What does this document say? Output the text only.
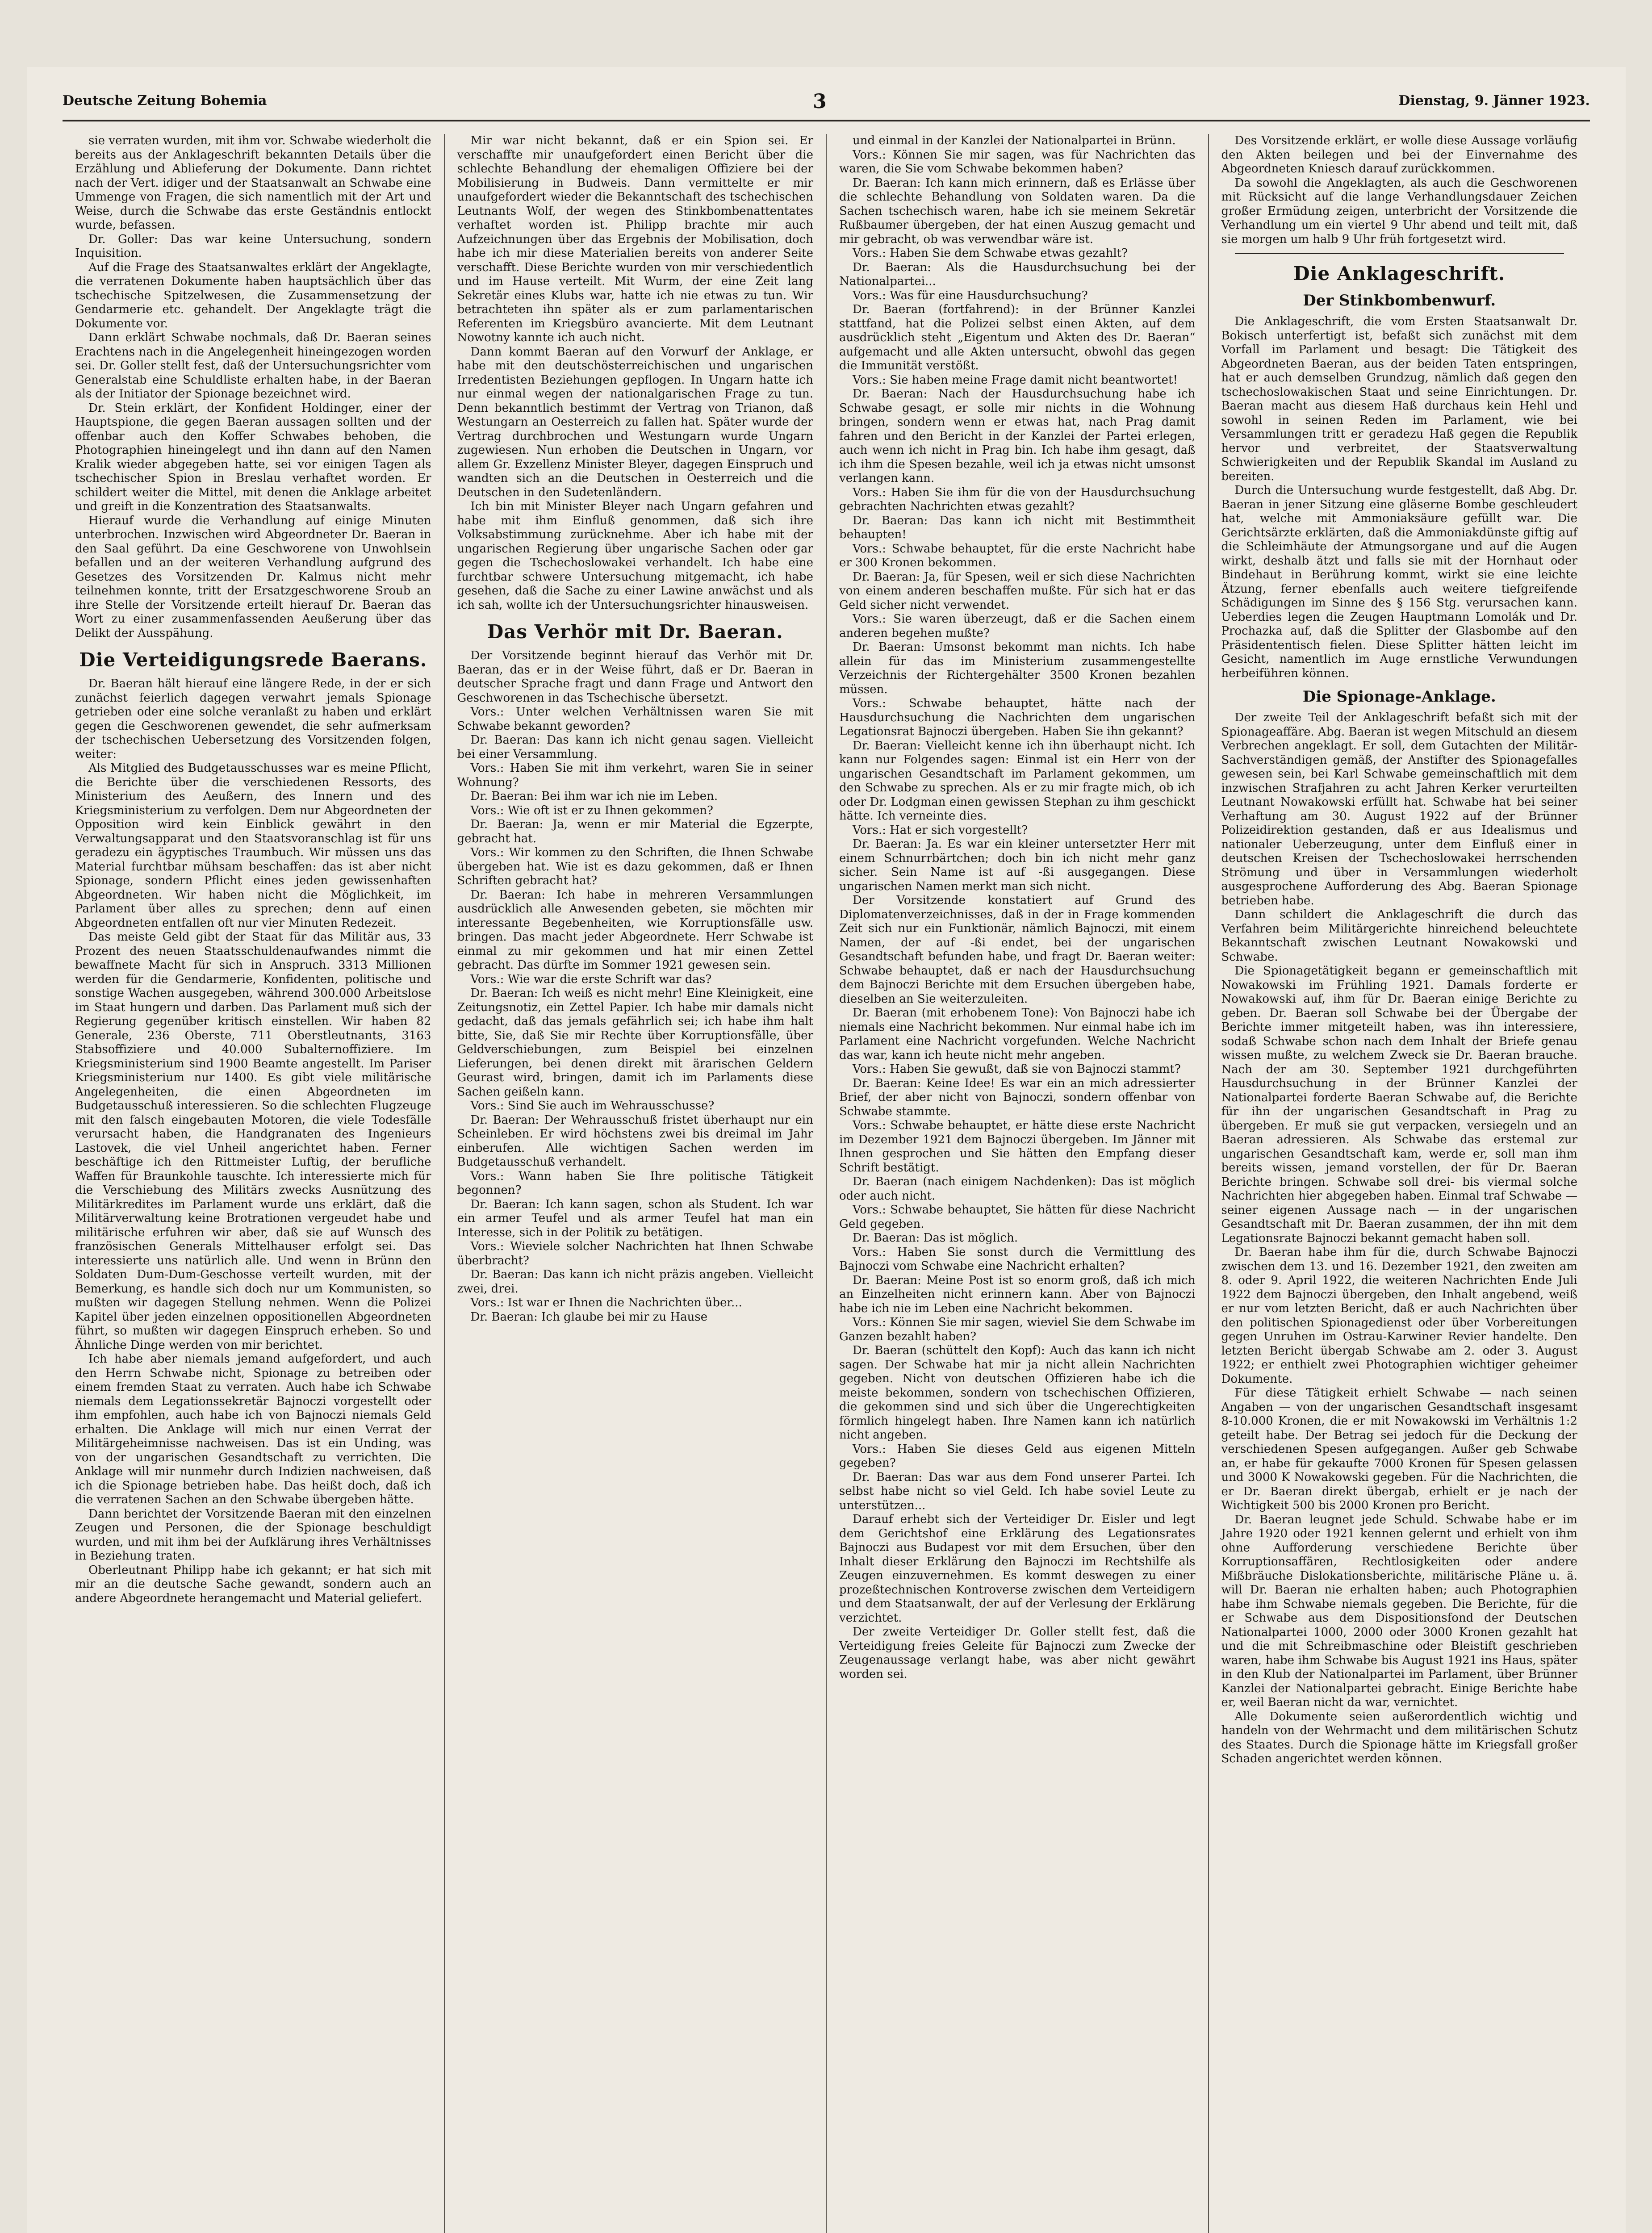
Deutsche Zeitung Bohemia	3	Dienstag, 9. Jänner 1923.

sie verraten wurden, mit ihm vor. Schwabe wiederholt die bereits aus der Anklageschrift bekannten Details über die Erzählung und Ablieferung der Dokumente. Dann richtet nach der Vert. idiger und der Staatsanwalt an Schwabe eine Ummenge von Fragen, die sich namentlich mit der Art und Weise, durch die Schwabe das erste Geständnis entlockt wurde, befassen.

Dr. Goller: Das war keine Untersuchung, sondern Inquisition.

Auf die Frage des Staatsanwaltes erklärt der Angeklagte, die verratenen Dokumente haben hauptsächlich über das tschechische Spitzelwesen, die Zusammensetzung der Gendarmerie etc. gehandelt. Der Angeklagte trägt die Dokumente vor.

Dann erklärt Schwabe nochmals, daß Dr. Baeran seines Erachtens nach in die Angelegenheit hineingezogen worden sei. Dr. Goller stellt fest, daß der Untersuchungsrichter vom Generalstab eine Schuldliste erhalten habe, in der Baeran als der Initiator der Spionage bezeichnet wird.

Dr. Stein erklärt, der Konfident Holdinger, einer der Hauptspione, die gegen Baeran aussagen sollten und der offenbar auch den Koffer Schwabes behoben, die Photographien hineingelegt und ihn dann auf den Namen Kralik wieder abgegeben hatte, sei vor einigen Tagen als tschechischer Spion in Breslau verhaftet worden. Er schildert weiter die Mittel, mit denen die Anklage arbeitet und greift in die Konzentration des Staatsanwalts.

Hierauf wurde die Verhandlung auf einige Minuten unterbrochen. Inzwischen wird Abgeordneter Dr. Baeran in den Saal geführt. Da eine Geschworene von Unwohlsein befallen und an der weiteren Verhandlung aufgrund des Gesetzes des Vorsitzenden Dr. Kalmus nicht mehr teilnehmen konnte, tritt der Ersatzgeschworene Sroub an ihre Stelle der Vorsitzende erteilt hierauf Dr. Baeran das Wort zu einer zusammenfassenden Aeußerung über das Delikt der Ausspähung.

Die Verteidigungsrede Baerans.

Dr. Baeran hält hierauf eine längere Rede, in der er sich zunächst feierlich dagegen verwahrt jemals Spionage getrieben oder eine solche veranlaßt zu haben und erklärt gegen die Geschworenen gewendet, die sehr aufmerksam der tschechischen Uebersetzung des Vorsitzenden folgen, weiter:

Als Mitglied des Budgetausschusses war es meine Pflicht, die Berichte über die verschiedenen Ressorts, des Ministerium des Aeußern, des Innern und des Kriegsministerium zu verfolgen. Dem nur Abgeordneten der Opposition wird kein Einblick gewährt in den Verwaltungsapparat und den Staatsvoranschlag ist für uns geradezu ein ägyptisches Traumbuch. Wir müssen uns das Material furchtbar mühsam beschaffen: das ist aber nicht Spionage, sondern Pflicht eines jeden gewissenhaften Abgeordneten. Wir haben nicht die Möglichkeit, im Parlament über alles zu sprechen; denn auf einen Abgeordneten entfallen oft nur vier Minuten Redezeit.

Das meiste Geld gibt der Staat für das Militär aus, 33 Prozent des neuen Staatsschuldenaufwandes nimmt die bewaffnete Macht für sich in Anspruch. 3313 Millionen werden für die Gendarmerie, Konfidenten, politische und sonstige Wachen ausgegeben, während 300.000 Arbeitslose im Staat hungern und darben. Das Parlament muß sich der Regierung gegenüber kritisch einstellen. Wir haben 82 Generale, 236 Oberste, 711 Oberstleutnants, 3163 Stabsoffiziere und 40.000 Subalternoffiziere. Im Kriegsministerium sind 1900 Beamte angestellt. Im Pariser Kriegsministerium nur 1400. Es gibt viele militärische Angelegenheiten, die einen Abgeordneten im Budgetausschuß interessieren. So die schlechten Flugzeuge mit den falsch eingebauten Motoren, die viele Todesfälle verursacht haben, die Handgranaten des Ingenieurs Lastovek, die viel Unheil angerichtet haben. Ferner beschäftige ich den Rittmeister Luftig, der berufliche Waffen für Braunkohle tauschte. Ich interessierte mich für die Verschiebung des Militärs zwecks Ausnützung des Militärkredites im Parlament wurde uns erklärt, daß die Militärverwaltung keine Brotrationen vergeudet habe und militärische erfuhren wir aber, daß sie auf Wunsch des französischen Generals Mittelhauser erfolgt sei. Das interessierte uns natürlich alle. Und wenn in Brünn den Soldaten Dum-Dum-Geschosse verteilt wurden, mit der Bemerkung, es handle sich doch nur um Kommunisten, so mußten wir dagegen Stellung nehmen. Wenn die Polizei Kapitel über jeden einzelnen oppositionellen Abgeordneten führt, so mußten wir dagegen Einspruch erheben. So und Ähnliche Dinge werden von mir berichtet.

Ich habe aber niemals jemand aufgefordert, und auch den Herrn Schwabe nicht, Spionage zu betreiben oder einem fremden Staat zu verraten. Auch habe ich Schwabe niemals dem Legationssekretär Bajnoczi vorgestellt oder ihm empfohlen, auch habe ich von Bajnoczi niemals Geld erhalten. Die Anklage will mich nur einen Verrat der Militärgeheimnisse nachweisen. Das ist ein Unding, was von der ungarischen Gesandtschaft zu verrichten. Die Anklage will mir nunmehr durch Indizien nachweisen, daß ich die Spionage betrieben habe. Das heißt doch, daß ich die verratenen Sachen an den Schwabe übergeben hätte.

Dann berichtet der Vorsitzende Baeran mit den einzelnen Zeugen und Personen, die der Spionage beschuldigt wurden, und mit ihm bei der Aufklärung ihres Verhältnisses in Beziehung traten.

Oberleutnant Philipp habe ich gekannt; er hat sich mit mir an die deutsche Sache gewandt, sondern auch an andere Abgeordnete herangemacht und Material geliefert.

Mir war nicht bekannt, daß er ein Spion sei. Er verschaffte mir unaufgefordert einen Bericht über die schlechte Behandlung der ehemaligen Offiziere bei der Mobilisierung in Budweis. Dann vermittelte er mir unaufgefordert wieder die Bekanntschaft des tschechischen Leutnants Wolf, der wegen des Stinkbombenattentates verhaftet worden ist. Philipp brachte mir auch Aufzeichnungen über das Ergebnis der Mobilisation, doch habe ich mir diese Materialien bereits von anderer Seite verschafft. Diese Berichte wurden von mir verschiedentlich und im Hause verteilt. Mit Wurm, der eine Zeit lang Sekretär eines Klubs war, hatte ich nie etwas zu tun. Wir betrachteten ihn später als er zum parlamentarischen Referenten im Kriegsbüro avancierte. Mit dem Leutnant Nowotny kannte ich auch nicht.

Dann kommt Baeran auf den Vorwurf der Anklage, er habe mit den deutschösterreichischen und ungarischen Irredentisten Beziehungen gepflogen. In Ungarn hatte ich nur einmal wegen der nationalgarischen Frage zu tun. Denn bekanntlich bestimmt der Vertrag von Trianon, daß Westungarn an Oesterreich zu fallen hat. Später wurde der Vertrag durchbrochen und Westungarn wurde Ungarn zugewiesen. Nun erhoben die Deutschen in Ungarn, vor allem Gr. Exzellenz Minister Bleyer, dagegen Einspruch und wandten sich an die Deutschen in Oesterreich und die Deutschen in den Sudetenländern.

Ich bin mit Minister Bleyer nach Ungarn gefahren und habe mit ihm Einfluß genommen, daß sich ihre Volksabstimmung zurücknehme. Aber ich habe mit der ungarischen Regierung über ungarische Sachen oder gar gegen die Tschechoslowakei verhandelt. Ich habe eine furchtbar schwere Untersuchung mitgemacht, ich habe gesehen, daß die Sache zu einer Lawine anwächst und als ich sah, wollte ich der Untersuchungsrichter hinausweisen.

Das Verhör mit Dr. Baeran.

Der Vorsitzende beginnt hierauf das Verhör mit Dr. Baeran, das er in der Weise führt, daß er Dr. Baeran in deutscher Sprache fragt und dann Frage und Antwort den Geschworenen in das Tschechische übersetzt.

Vors.: Unter welchen Verhältnissen waren Sie mit Schwabe bekannt geworden?

Dr. Baeran: Das kann ich nicht genau sagen. Vielleicht bei einer Versammlung.

Vors.: Haben Sie mit ihm verkehrt, waren Sie in seiner Wohnung?

Dr. Baeran: Bei ihm war ich nie im Leben.

Vors.: Wie oft ist er zu Ihnen gekommen?

Dr. Baeran: Ja, wenn er mir Material die Egzerpte, gebracht hat.

Vors.: Wir kommen zu den Schriften, die Ihnen Schwabe übergeben hat. Wie ist es dazu gekommen, daß er Ihnen Schriften gebracht hat?

Dr. Baeran: Ich habe in mehreren Versammlungen ausdrücklich alle Anwesenden gebeten, sie möchten mir interessante Begebenheiten, wie Korruptionsfälle usw. bringen. Das macht jeder Abgeordnete. Herr Schwabe ist einmal zu mir gekommen und hat mir einen Zettel gebracht. Das dürfte im Sommer 1921 gewesen sein.

Vors.: Wie war die erste Schrift war das?

Dr. Baeran: Ich weiß es nicht mehr! Eine Kleinigkeit, eine Zeitungsnotiz, ein Zettel Papier. Ich habe mir damals nicht gedacht, daß das jemals gefährlich sei; ich habe ihm halt bitte, Sie, daß Sie mir Rechte über Korruptionsfälle, über Geldverschiebungen, zum Beispiel bei einzelnen Lieferungen, bei denen direkt mit ärarischen Geldern Geurast wird, bringen, damit ich im Parlaments diese Sachen geißeln kann.

Vors.: Sind Sie auch im Wehrausschusse?

Dr. Baeran: Der Wehrausschuß fristet überhaupt nur ein Scheinleben. Er wird höchstens zwei bis dreimal im Jahr einberufen. Alle wichtigen Sachen werden im Budgetausschuß verhandelt.

Vors.: Wann haben Sie Ihre politische Tätigkeit begonnen?

Dr. Baeran: Ich kann sagen, schon als Student. Ich war ein armer Teufel und als armer Teufel hat man ein Interesse, sich in der Politik zu betätigen.

Vors.: Wieviele solcher Nachrichten hat Ihnen Schwabe überbracht?

Dr. Baeran: Das kann ich nicht präzis angeben. Vielleicht zwei, drei.

Vors.: Ist war er Ihnen die Nachrichten über...

Dr. Baeran: Ich glaube bei mir zu Hause

und einmal in der Kanzlei der Nationalpartei in Brünn.

Vors.: Können Sie mir sagen, was für Nachrichten das waren, die Sie vom Schwabe bekommen haben?

Dr. Baeran: Ich kann mich erinnern, daß es Erlässe über die schlechte Behandlung von Soldaten waren. Da die Sachen tschechisch waren, habe ich sie meinem Sekretär Rußbaumer übergeben, der hat einen Auszug gemacht und mir gebracht, ob was verwendbar wäre ist.

Vors.: Haben Sie dem Schwabe etwas gezahlt?

Dr. Baeran: Als die Hausdurchsuchung bei der Nationalpartei...

Vors.: Was für eine Hausdurchsuchung?

Dr. Baeran (fortfahrend): in der Brünner Kanzlei stattfand, hat die Polizei selbst einen Akten, auf dem ausdrücklich steht „Eigentum und Akten des Dr. Baeran“ aufgemacht und alle Akten untersucht, obwohl das gegen die Immunität verstößt.

Vors.: Sie haben meine Frage damit nicht beantwortet!

Dr. Baeran: Nach der Hausdurchsuchung habe ich Schwabe gesagt, er solle mir nichts in die Wohnung bringen, sondern wenn er etwas hat, nach Prag damit fahren und den Bericht in der Kanzlei der Partei erlegen, auch wenn ich nicht in Prag bin. Ich habe ihm gesagt, daß ich ihm die Spesen bezahle, weil ich ja etwas nicht umsonst verlangen kann.

Vors.: Haben Sie ihm für die von der Hausdurchsuchung gebrachten Nachrichten etwas gezahlt?

Dr. Baeran: Das kann ich nicht mit Bestimmtheit behaupten!

Vors.: Schwabe behauptet, für die erste Nachricht habe er 300 Kronen bekommen.

Dr. Baeran: Ja, für Spesen, weil er sich diese Nachrichten von einem anderen beschaffen mußte. Für sich hat er das Geld sicher nicht verwendet.

Vors.: Sie waren überzeugt, daß er die Sachen einem anderen begehen mußte?

Dr. Baeran: Umsonst bekommt man nichts. Ich habe allein für das im Ministerium zusammengestellte Verzeichnis der Richtergehälter 3500 Kronen bezahlen müssen.

Vors.: Schwabe behauptet, hätte nach der Hausdurchsuchung die Nachrichten dem ungarischen Legationsrat Bajnoczi übergeben. Haben Sie ihn gekannt?

Dr. Baeran: Vielleicht kenne ich ihn überhaupt nicht. Ich kann nur Folgendes sagen: Einmal ist ein Herr von der ungarischen Gesandtschaft im Parlament gekommen, um den Schwabe zu sprechen. Als er zu mir fragte mich, ob ich oder Dr. Lodgman einen gewissen Stephan zu ihm geschickt hätte. Ich verneinte dies.

Vors.: Hat er sich vorgestellt?

Dr. Baeran: Ja. Es war ein kleiner untersetzter Herr mit einem Schnurrbärtchen; doch bin ich nicht mehr ganz sicher. Sein Name ist auf -ßi ausgegangen. Diese ungarischen Namen merkt man sich nicht.

Der Vorsitzende konstatiert auf Grund des Diplomatenverzeichnisses, daß in der in Frage kommenden Zeit sich nur ein Funktionär, nämlich Bajnoczi, mit einem Namen, der auf -ßi endet, bei der ungarischen Gesandtschaft befunden habe, und fragt Dr. Baeran weiter: Schwabe behauptet, daß er nach der Hausdurchsuchung dem Bajnoczi Berichte mit dem Ersuchen übergeben habe, dieselben an Sie weiterzuleiten.

Dr. Baeran (mit erhobenem Tone): Von Bajnoczi habe ich niemals eine Nachricht bekommen. Nur einmal habe ich im Parlament eine Nachricht vorgefunden. Welche Nachricht das war, kann ich heute nicht mehr angeben.

Vors.: Haben Sie gewußt, daß sie von Bajnoczi stammt?

Dr. Baeran: Keine Idee! Es war ein an mich adressierter Brief, der aber nicht von Bajnoczi, sondern offenbar von Schwabe stammte.

Vors.: Schwabe behauptet, er hätte diese erste Nachricht im Dezember 1921 dem Bajnoczi übergeben. Im Jänner mit Ihnen gesprochen und Sie hätten den Empfang dieser Schrift bestätigt.

Dr. Baeran (nach einigem Nachdenken): Das ist möglich oder auch nicht.

Vors.: Schwabe behauptet, Sie hätten für diese Nachricht Geld gegeben.

Dr. Baeran: Das ist möglich.

Vors.: Haben Sie sonst durch die Vermittlung des Bajnoczi vom Schwabe eine Nachricht erhalten?

Dr. Baeran: Meine Post ist so enorm groß, daß ich mich an Einzelheiten nicht erinnern kann. Aber von Bajnoczi habe ich nie im Leben eine Nachricht bekommen.

Vors.: Können Sie mir sagen, wieviel Sie dem Schwabe im Ganzen bezahlt haben?

Dr. Baeran (schüttelt den Kopf): Auch das kann ich nicht sagen. Der Schwabe hat mir ja nicht allein Nachrichten gegeben. Nicht von deutschen Offizieren habe ich die meiste bekommen, sondern von tschechischen Offizieren, die gekommen sind und sich über die Ungerechtigkeiten förmlich hingelegt haben. Ihre Namen kann ich natürlich nicht angeben.

Vors.: Haben Sie dieses Geld aus eigenen Mitteln gegeben?

Dr. Baeran: Das war aus dem Fond unserer Partei. Ich selbst habe nicht so viel Geld. Ich habe soviel Leute zu unterstützen...

Darauf erhebt sich der Verteidiger Dr. Eisler und legt dem Gerichtshof eine Erklärung des Legationsrates Bajnoczi aus Budapest vor mit dem Ersuchen, über den Inhalt dieser Erklärung den Bajnoczi im Rechtshilfe als Zeugen einzuvernehmen. Es kommt deswegen zu einer prozeßtechnischen Kontroverse zwischen dem Verteidigern und dem Staatsanwalt, der auf der Verlesung der Erklärung verzichtet.

Der zweite Verteidiger Dr. Goller stellt fest, daß die Verteidigung freies Geleite für Bajnoczi zum Zwecke der Zeugenaussage verlangt habe, was aber nicht gewährt worden sei.

Des Vorsitzende erklärt, er wolle diese Aussage vorläufig den Akten beilegen und bei der Einvernahme des Abgeordneten Kniesch darauf zurückkommen.

Da sowohl die Angeklagten, als auch die Geschworenen mit Rücksicht auf die lange Verhandlungsdauer Zeichen großer Ermüdung zeigen, unterbricht der Vorsitzende die Verhandlung um ein viertel 9 Uhr abend und teilt mit, daß sie morgen um halb 9 Uhr früh fortgesetzt wird.

Die Anklageschrift.
Der Stinkbombenwurf.

Die Anklageschrift, die vom Ersten Staatsanwalt Dr. Bokisch unterfertigt ist, befaßt sich zunächst mit dem Vorfall im Parlament und besagt: Die Tätigkeit des Abgeordneten Baeran, aus der beiden Taten entspringen, hat er auch demselben Grundzug, nämlich daß gegen den tschechoslowakischen Staat und seine Einrichtungen. Dr. Baeran macht aus diesem Haß durchaus kein Hehl und sowohl in seinen Reden im Parlament, wie bei Versammlungen tritt er geradezu Haß gegen die Republik hervor und verbreitet, der Staatsverwaltung Schwierigkeiten und der Republik Skandal im Ausland zu bereiten.

Durch die Untersuchung wurde festgestellt, daß Abg. Dr. Baeran in jener Sitzung eine gläserne Bombe geschleudert hat, welche mit Ammoniaksäure gefüllt war. Die Gerichtsärzte erklärten, daß die Ammoniakdünste giftig auf die Schleimhäute der Atmungsorgane und auf die Augen wirkt, deshalb ätzt und falls sie mit der Hornhaut oder Bindehaut in Berührung kommt, wirkt sie eine leichte Ätzung, ferner ebenfalls auch weitere tiefgreifende Schädigungen im Sinne des § 156 Stg. verursachen kann. Ueberdies legen die Zeugen Hauptmann Lomolák und Dr. Prochazka auf, daß die Splitter der Glasbombe auf den Präsidententisch fielen. Diese Splitter hätten leicht im Gesicht, namentlich im Auge ernstliche Verwundungen herbeiführen können.

Die Spionage-Anklage.

Der zweite Teil der Anklageschrift befaßt sich mit der Spionageaffäre. Abg. Baeran ist wegen Mitschuld an diesem Verbrechen angeklagt. Er soll, dem Gutachten der Militär-Sachverständigen gemäß, der Anstifter des Spionagefalles gewesen sein, bei Karl Schwabe gemeinschaftlich mit dem inzwischen Strafjahren zu acht Jahren Kerker verurteilten Leutnant Nowakowski erfüllt hat. Schwabe hat bei seiner Verhaftung am 30. August 1922 auf der Brünner Polizeidirektion gestanden, daß er aus Idealismus und nationaler Ueberzeugung, unter dem Einfluß einer in deutschen Kreisen der Tschechoslowakei herrschenden Strömung und über in Versammlungen wiederholt ausgesprochene Aufforderung des Abg. Baeran Spionage betrieben habe.

Dann schildert die Anklageschrift die durch das Verfahren beim Militärgerichte hinreichend beleuchtete Bekanntschaft zwischen Leutnant Nowakowski und Schwabe.

Die Spionagetätigkeit begann er gemeinschaftlich mit Nowakowski im Frühling 1921. Damals forderte er Nowakowski auf, ihm für Dr. Baeran einige Berichte zu geben. Dr. Baeran soll Schwabe bei der Übergabe der Berichte immer mitgeteilt haben, was ihn interessiere, sodaß Schwabe schon nach dem Inhalt der Briefe genau wissen mußte, zu welchem Zweck sie Dr. Baeran brauche. Nach der am 30. September 1921 durchgeführten Hausdurchsuchung in der Brünner Kanzlei der Nationalpartei forderte Baeran Schwabe auf, die Berichte für ihn der ungarischen Gesandtschaft in Prag zu übergeben. Er muß sie gut verpacken, versiegeln und an Baeran adressieren. Als Schwabe das erstemal zur ungarischen Gesandtschaft kam, werde er, soll man ihm bereits wissen, jemand vorstellen, der für Dr. Baeran Berichte bringen. Schwabe soll drei- bis viermal solche Nachrichten hier abgegeben haben. Einmal traf Schwabe — seiner eigenen Aussage nach — in der ungarischen Gesandtschaft mit Dr. Baeran zusammen, der ihn mit dem Legationsrate Bajnoczi bekannt gemacht haben soll.

Dr. Baeran habe ihm für die, durch Schwabe Bajnoczi zwischen dem 13. und 16. Dezember 1921, den zweiten am 8. oder 9. April 1922, die weiteren Nachrichten Ende Juli 1922 dem Bajnoczi übergeben, den Inhalt angebend, weiß er nur vom letzten Bericht, daß er auch Nachrichten über den politischen Spionagedienst oder über Vorbereitungen gegen Unruhen im Ostrau-Karwiner Revier handelte. Den letzten Bericht übergab Schwabe am 2. oder 3. August 1922; er enthielt zwei Photographien wichtiger geheimer Dokumente.

Für diese Tätigkeit erhielt Schwabe — nach seinen Angaben — von der ungarischen Gesandtschaft insgesamt 8-10.000 Kronen, die er mit Nowakowski im Verhältnis 1:2 geteilt habe. Der Betrag sei jedoch für die Deckung der verschiedenen Spesen aufgegangen. Außer geb Schwabe an, er habe für gekaufte 7000 Kronen für Spesen gelassen und 3000 K Nowakowski gegeben. Für die Nachrichten, die er Dr. Baeran direkt übergab, erhielt er je nach der Wichtigkeit 500 bis 2000 Kronen pro Bericht.

Dr. Baeran leugnet jede Schuld. Schwabe habe er im Jahre 1920 oder 1921 kennen gelernt und erhielt von ihm ohne Aufforderung verschiedene Berichte über Korruptionsaffären, Rechtlosigkeiten oder andere Mißbräuche Dislokationsberichte, militärische Pläne u. ä. will Dr. Baeran nie erhalten haben; auch Photographien habe ihm Schwabe niemals gegeben. Die Berichte, für die er Schwabe aus dem Dispositionsfond der Deutschen Nationalpartei 1000, 2000 oder 3000 Kronen gezahlt hat und die mit Schreibmaschine oder Bleistift geschrieben waren, habe ihm Schwabe bis August 1921 ins Haus, später in den Klub der Nationalpartei im Parlament, über Brünner Kanzlei der Nationalpartei gebracht. Einige Berichte habe er, weil Baeran nicht da war, vernichtet.

Alle Dokumente seien außerordentlich wichtig und handeln von der Wehrmacht und dem militärischen Schutz des Staates. Durch die Spionage hätte im Kriegsfall großer Schaden angerichtet werden können.
